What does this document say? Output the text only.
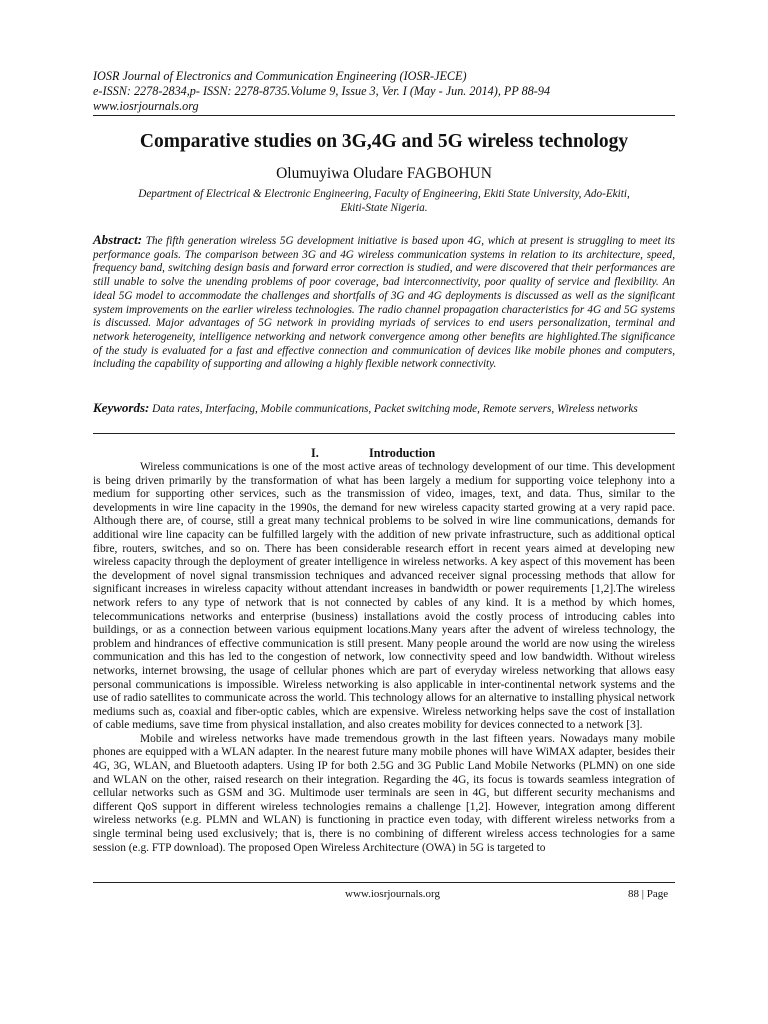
IOSR Journal of Electronics and Communication Engineering (IOSR-JECE)
e-ISSN: 2278-2834,p- ISSN: 2278-8735.Volume 9, Issue 3, Ver. I (May - Jun. 2014), PP 88-94
www.iosrjournals.org
Comparative studies on 3G,4G and 5G wireless technology
Olumuyiwa Oludare FAGBOHUN
Department of Electrical & Electronic Engineering, Faculty of Engineering, Ekiti State University, Ado-Ekiti,
Ekiti-State Nigeria.
Abstract: The fifth generation wireless 5G development initiative is based upon 4G, which at present is struggling to meet its performance goals. The comparison between 3G and 4G wireless communication systems in relation to its architecture, speed, frequency band, switching design basis and forward error correction is studied, and were discovered that their performances are still unable to solve the unending problems of poor coverage, bad interconnectivity, poor quality of service and flexibility. An ideal 5G model to accommodate the challenges and shortfalls of 3G and 4G deployments is discussed as well as the significant system improvements on the earlier wireless technologies. The radio channel propagation characteristics for 4G and 5G systems is discussed. Major advantages of 5G network in providing myriads of services to end users personalization, terminal and network heterogeneity, intelligence networking and network convergence among other benefits are highlighted.The significance of the study is evaluated for a fast and effective connection and communication of devices like mobile phones and computers, including the capability of supporting and allowing a highly flexible network connectivity.
Keywords: Data rates, Interfacing, Mobile communications, Packet switching mode, Remote servers, Wireless networks
I.	Introduction

Wireless communications is one of the most active areas of technology development of our time. This development is being driven primarily by the transformation of what has been largely a medium for supporting voice telephony into a medium for supporting other services, such as the transmission of video, images, text, and data. Thus, similar to the developments in wire line capacity in the 1990s, the demand for new wireless capacity started growing at a very rapid pace. Although there are, of course, still a great many technical problems to be solved in wire line communications, demands for additional wire line capacity can be fulfilled largely with the addition of new private infrastructure, such as additional optical fibre, routers, switches, and so on. There has been considerable research effort in recent years aimed at developing new wireless capacity through the deployment of greater intelligence in wireless networks. A key aspect of this movement has been the development of novel signal transmission techniques and advanced receiver signal processing methods that allow for significant increases in wireless capacity without attendant increases in bandwidth or power requirements [1,2].The wireless network refers to any type of network that is not connected by cables of any kind. It is a method by which homes, telecommunications networks and enterprise (business) installations avoid the costly process of introducing cables into buildings, or as a connection between various equipment locations.Many years after the advent of wireless technology, the problem and hindrances of effective communication is still present. Many people around the world are now using the wireless communication and this has led to the congestion of network, low connectivity speed and low bandwidth. Without wireless networks, internet browsing, the usage of cellular phones which are part of everyday wireless networking that allows easy personal communications is impossible. Wireless networking is also applicable in inter-continental network systems and the use of radio satellites to communicate across the world. This technology allows for an alternative to installing physical network mediums such as, coaxial and fiber-optic cables, which are expensive. Wireless networking helps save the cost of installation of cable mediums, save time from physical installation, and also creates mobility for devices connected to a network [3].

Mobile and wireless networks have made tremendous growth in the last fifteen years. Nowadays many mobile phones are equipped with a WLAN adapter. In the nearest future many mobile phones will have WiMAX adapter, besides their 4G, 3G, WLAN, and Bluetooth adapters. Using IP for both 2.5G and 3G Public Land Mobile Networks (PLMN) on one side and WLAN on the other, raised research on their integration. Regarding the 4G, its focus is towards seamless integration of cellular networks such as GSM and 3G. Multimode user terminals are seen in 4G, but different security mechanisms and different QoS support in different wireless technologies remains a challenge [1,2]. However, integration among different wireless networks (e.g. PLMN and WLAN) is functioning in practice even today, with different wireless networks from a single terminal being used exclusively; that is, there is no combining of different wireless access technologies for a same session (e.g. FTP download). The proposed Open Wireless Architecture (OWA) in 5G is targeted to

www.iosrjournals.org	88 | Page
